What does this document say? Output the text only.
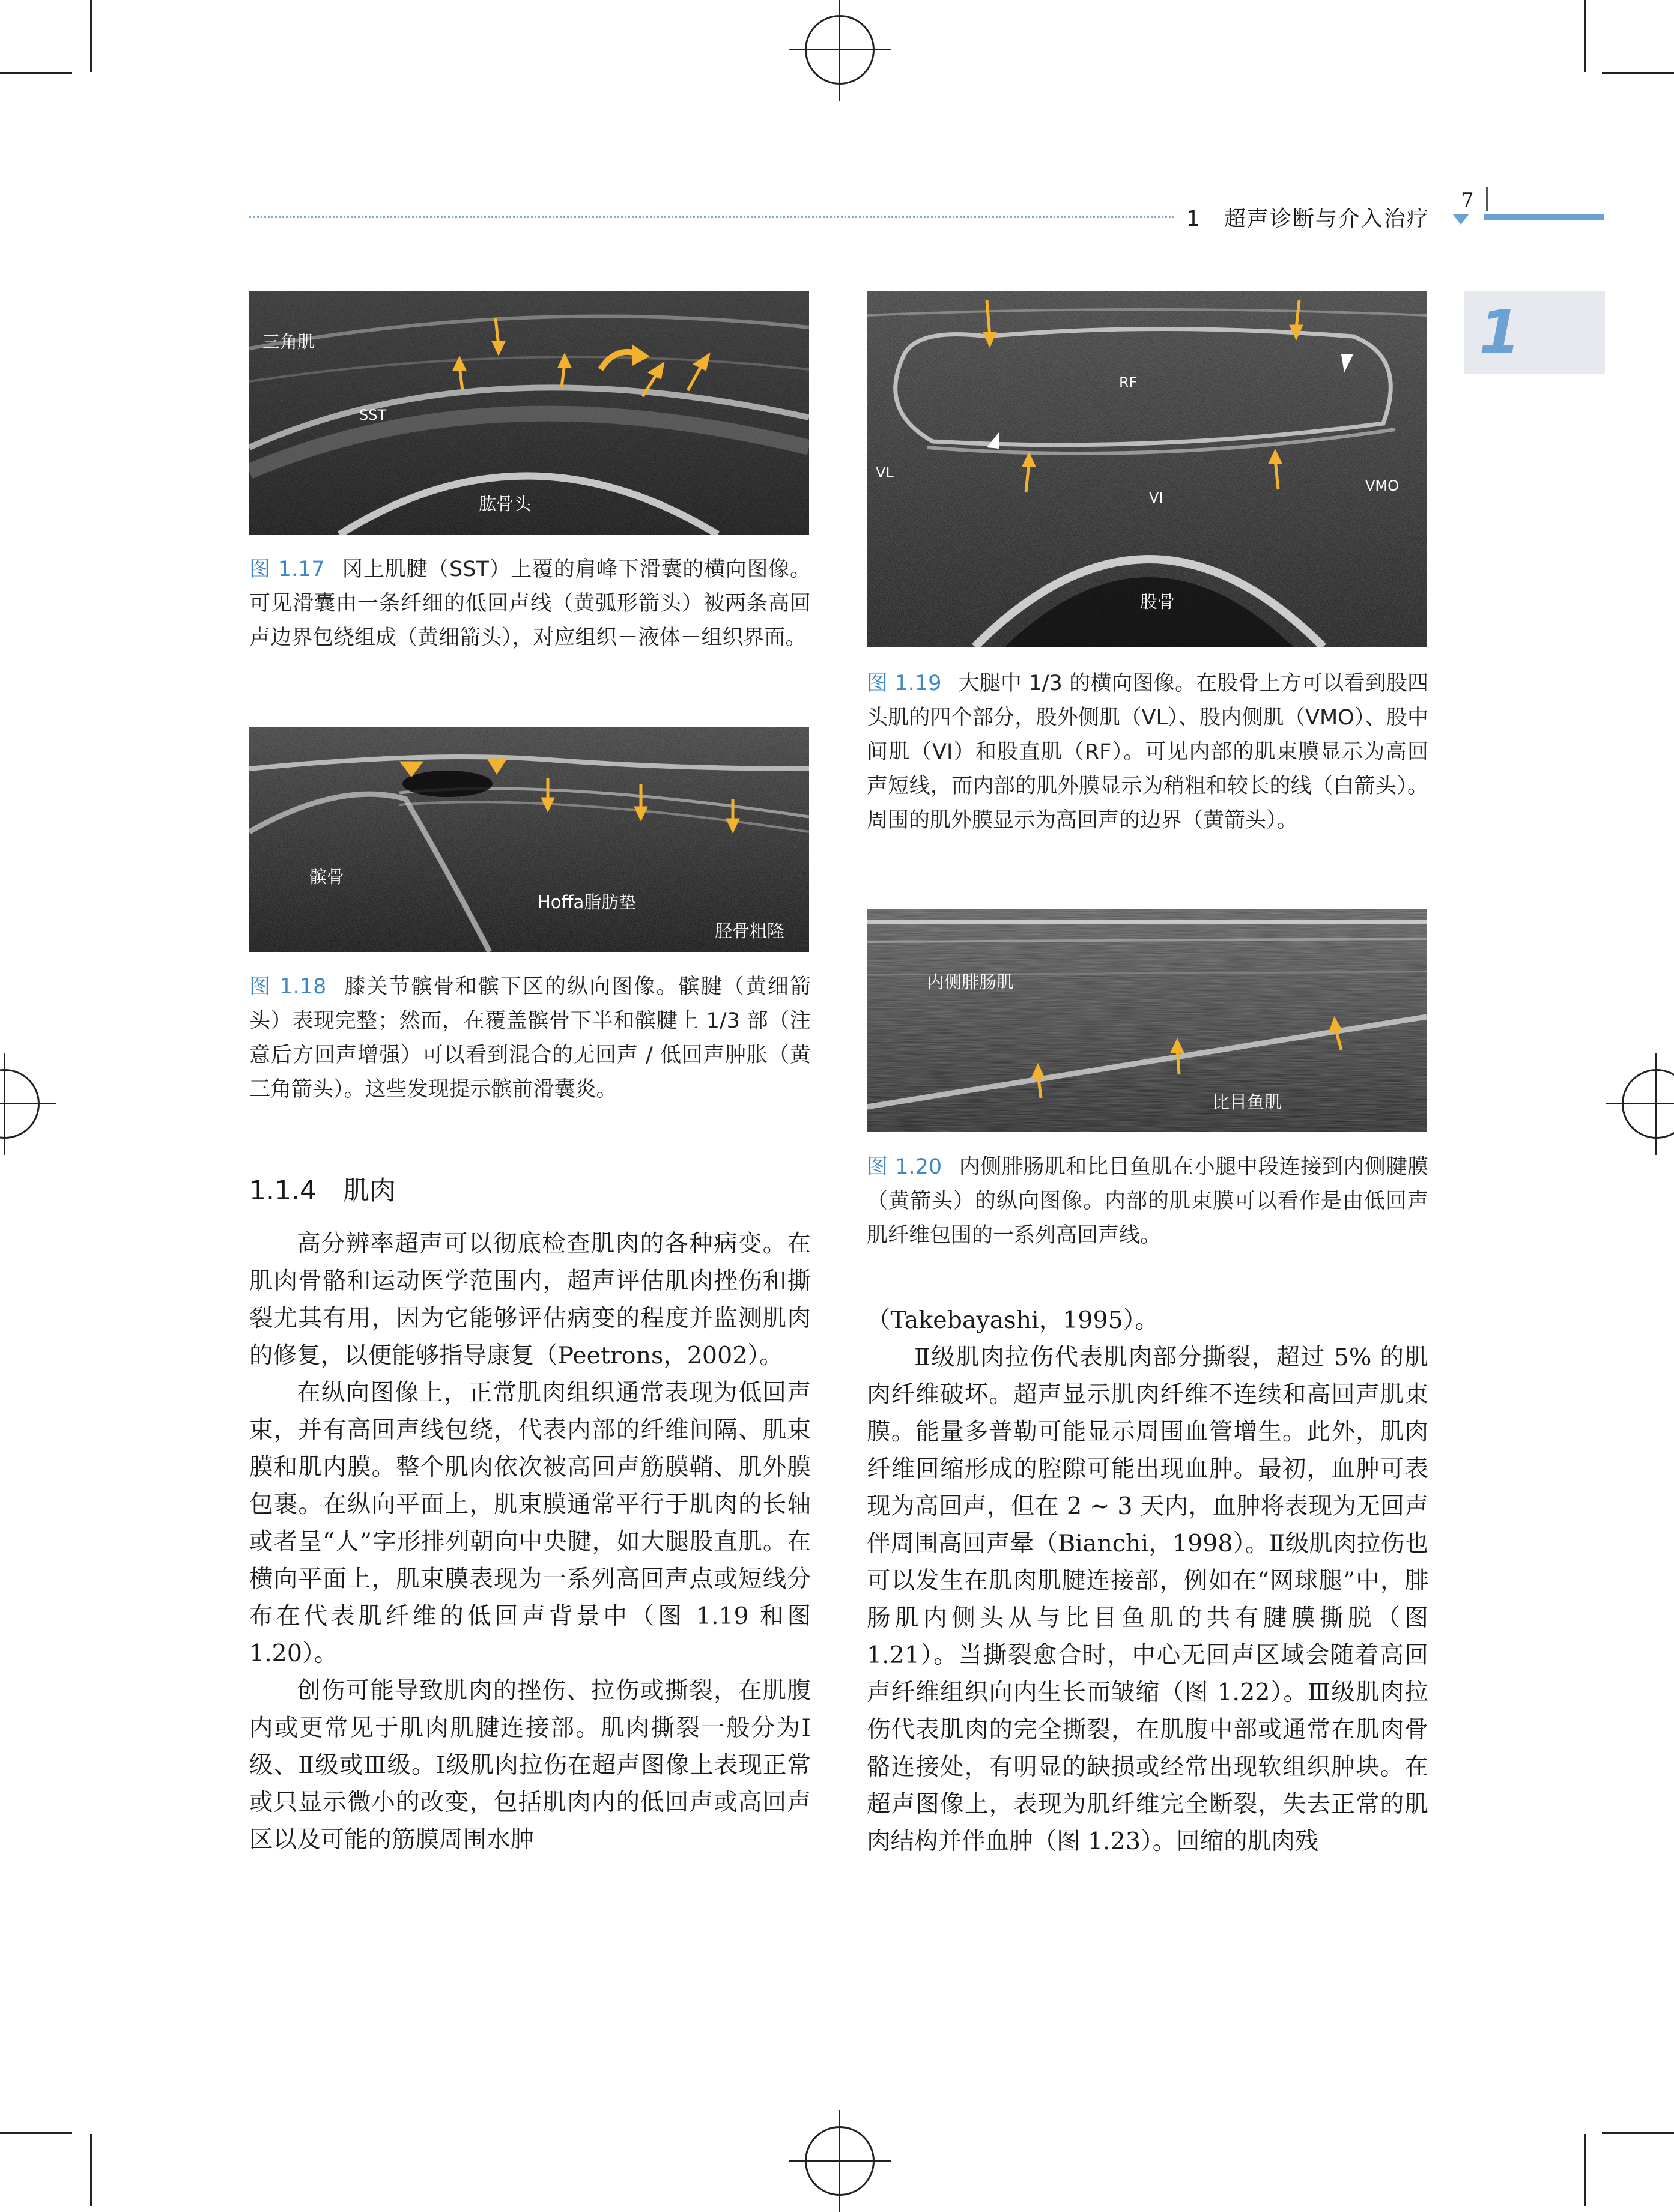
1　超声诊断与介入治疗
7
1
三角肌
SST
肱骨头
图 1.17 冈上肌腱（SST）上覆的肩峰下滑囊的横向图像。可见滑囊由一条纤细的低回声线（黄弧形箭头）被两条高回声边界包绕组成（黄细箭头），对应组织－液体－组织界面。
髌骨
Hoffa脂肪垫
胫骨粗隆
图 1.18 膝关节髌骨和髌下区的纵向图像。髌腱（黄细箭头）表现完整；然而，在覆盖髌骨下半和髌腱上 1/3 部（注意后方回声增强）可以看到混合的无回声 / 低回声肿胀（黄三角箭头）。这些发现提示髌前滑囊炎。
RF
VL
VMO
VI
股骨
图 1.19 大腿中 1/3 的横向图像。在股骨上方可以看到股四头肌的四个部分，股外侧肌（VL）、股内侧肌（VMO）、股中间肌（VI）和股直肌（RF）。可见内部的肌束膜显示为高回声短线，而内部的肌外膜显示为稍粗和较长的线（白箭头）。周围的肌外膜显示为高回声的边界（黄箭头）。
内侧腓肠肌
比目鱼肌
图 1.20 内侧腓肠肌和比目鱼肌在小腿中段连接到内侧腱膜（黄箭头）的纵向图像。内部的肌束膜可以看作是由低回声肌纤维包围的一系列高回声线。
1.1.4　肌肉

高分辨率超声可以彻底检查肌肉的各种病变。在肌肉骨骼和运动医学范围内，超声评估肌肉挫伤和撕裂尤其有用，因为它能够评估病变的程度并监测肌肉的修复，以便能够指导康复（Peetrons，2002）。

在纵向图像上，正常肌肉组织通常表现为低回声束，并有高回声线包绕，代表内部的纤维间隔、肌束膜和肌内膜。整个肌肉依次被高回声筋膜鞘、肌外膜包裹。在纵向平面上，肌束膜通常平行于肌肉的长轴或者呈“人”字形排列朝向中央腱，如大腿股直肌。在横向平面上，肌束膜表现为一系列高回声点或短线分布在代表肌纤维的低回声背景中（图 1.19 和图 1.20）。

创伤可能导致肌肉的挫伤、拉伤或撕裂，在肌腹内或更常见于肌肉肌腱连接部。肌肉撕裂一般分为Ⅰ级、Ⅱ级或Ⅲ级。Ⅰ级肌肉拉伤在超声图像上表现正常或只显示微小的改变，包括肌肉内的低回声或高回声区以及可能的筋膜周围水肿

（Takebayashi，1995）。

Ⅱ级肌肉拉伤代表肌肉部分撕裂，超过 5% 的肌肉纤维破坏。超声显示肌肉纤维不连续和高回声肌束膜。能量多普勒可能显示周围血管增生。此外，肌肉纤维回缩形成的腔隙可能出现血肿。最初，血肿可表现为高回声，但在 2 ~ 3 天内，血肿将表现为无回声伴周围高回声晕（Bianchi，1998）。Ⅱ级肌肉拉伤也可以发生在肌肉肌腱连接部，例如在“网球腿”中，腓肠肌内侧头从与比目鱼肌的共有腱膜撕脱（图 1.21）。当撕裂愈合时，中心无回声区域会随着高回声纤维组织向内生长而皱缩（图 1.22）。Ⅲ级肌肉拉伤代表肌肉的完全撕裂，在肌腹中部或通常在肌肉骨骼连接处，有明显的缺损或经常出现软组织肿块。在超声图像上，表现为肌纤维完全断裂，失去正常的肌肉结构并伴血肿（图 1.23）。回缩的肌肉残
